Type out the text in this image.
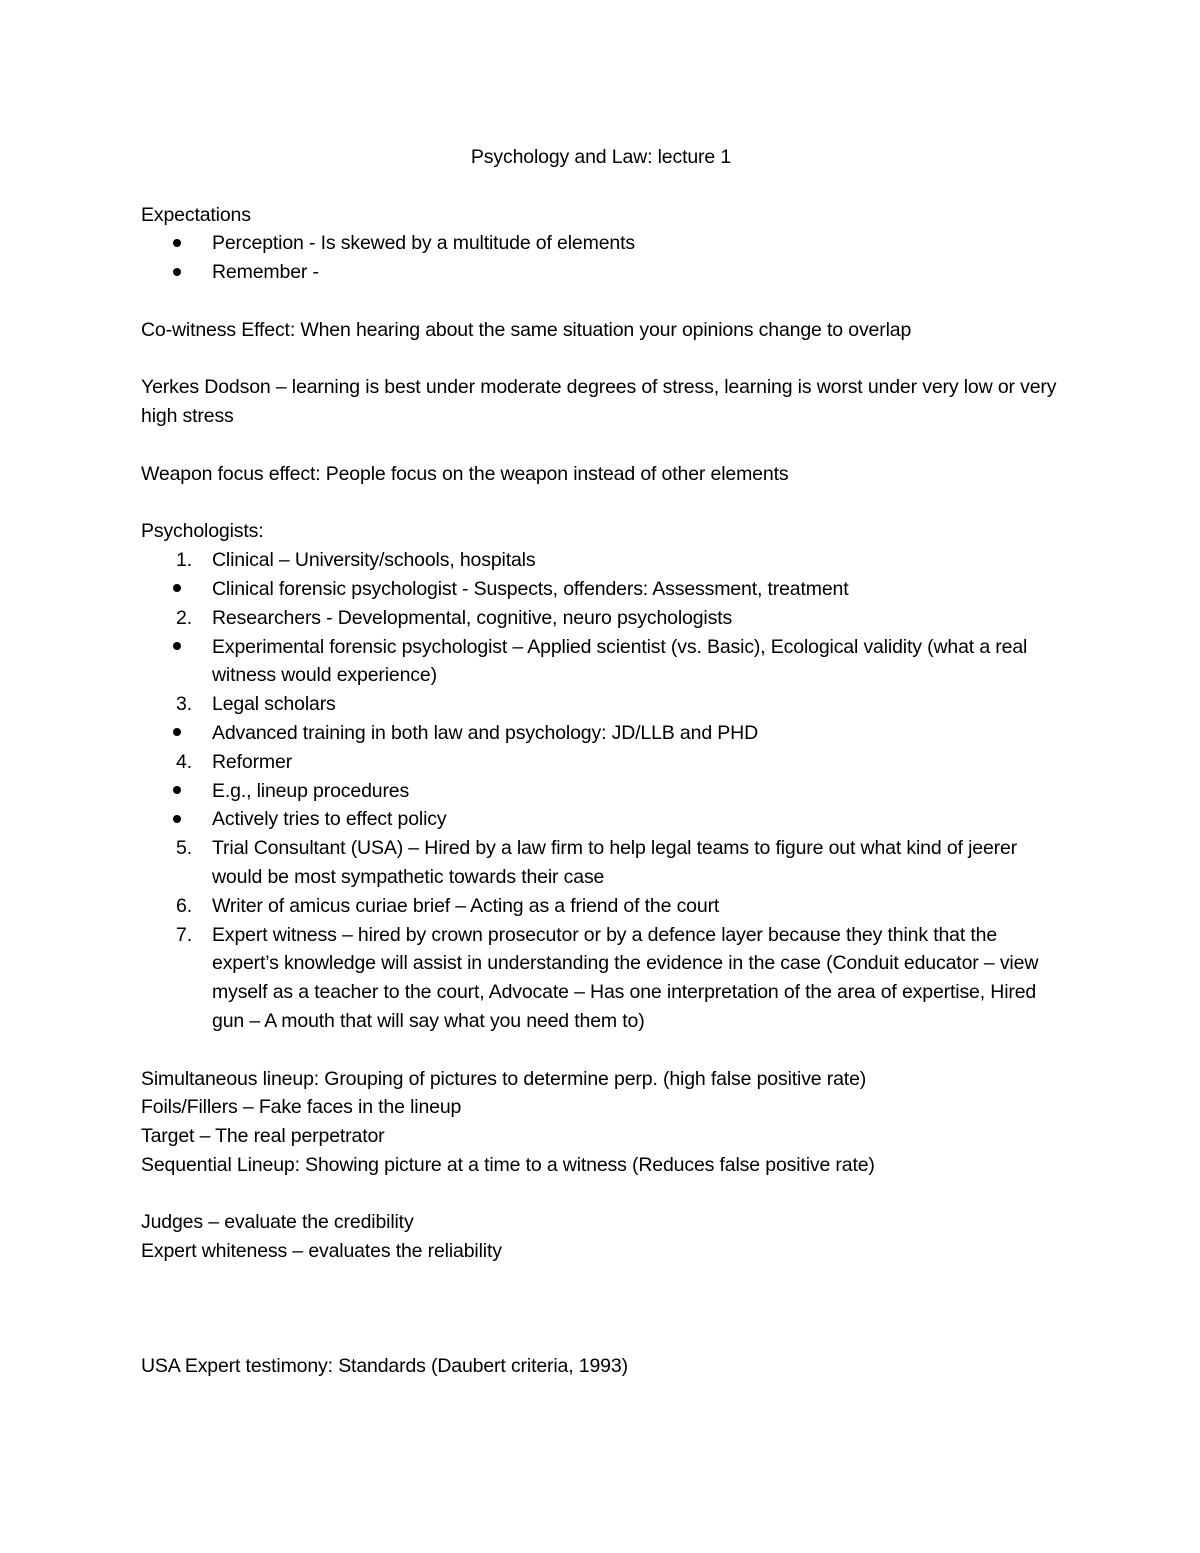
Psychology and Law: lecture 1

Expectations

Perception - Is skewed by a multitude of elements
Remember -

Co-witness Effect: When hearing about the same situation your opinions change to overlap

Yerkes Dodson – learning is best under moderate degrees of stress, learning is worst under very low or very high stress

Weapon focus effect: People focus on the weapon instead of other elements

Psychologists:

1.	Clinical – University/schools, hospitals
Clinical forensic psychologist - Suspects, offenders: Assessment, treatment
2.	Researchers - Developmental, cognitive, neuro psychologists
Experimental forensic psychologist – Applied scientist (vs. Basic), Ecological validity (what a real witness would experience)
3.	Legal scholars
Advanced training in both law and psychology: JD/LLB and PHD
4.	Reformer
E.g., lineup procedures
Actively tries to effect policy
5.	Trial Consultant (USA) – Hired by a law firm to help legal teams to figure out what kind of jeerer would be most sympathetic towards their case
6.	Writer of amicus curiae brief – Acting as a friend of the court
7.	Expert witness – hired by crown prosecutor or by a defence layer because they think that the expert’s knowledge will assist in understanding the evidence in the case (Conduit educator – view myself as a teacher to the court, Advocate – Has one interpretation of the area of expertise, Hired gun – A mouth that will say what you need them to)

Simultaneous lineup: Grouping of pictures to determine perp. (high false positive rate)

Foils/Fillers – Fake faces in the lineup

Target – The real perpetrator

Sequential Lineup: Showing picture at a time to a witness (Reduces false positive rate)

Judges – evaluate the credibility

Expert whiteness – evaluates the reliability

USA Expert testimony: Standards (Daubert criteria, 1993)
